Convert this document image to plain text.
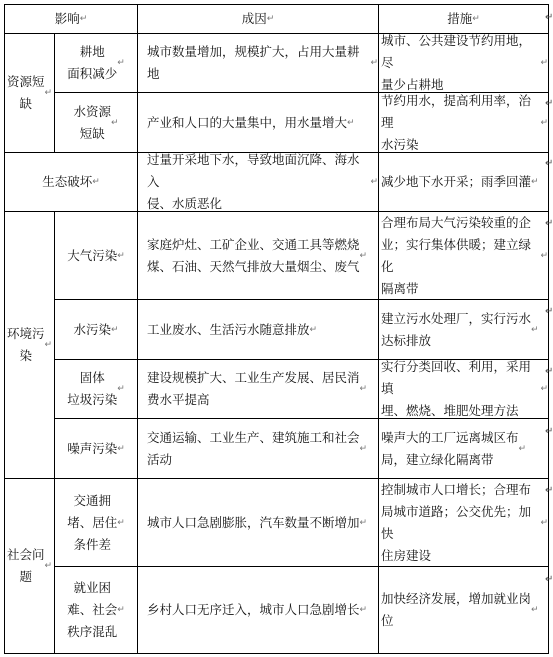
影响 ↵	成因 ↵	措施 ↵
资源短
缺
↵
生态破坏 ↵
环境污
染
↵
社会问
题
↵
耕地
面积减少
↵
城市数量增加，规模扩大，占用大量耕地
↵
城市、公共建设节约用地，尽
量少占耕地
↵
水资源
短缺
↵ 产业和人口的大量集中，用水量增大 ↵
节约用水，提高利用率，治理
水污染
↵
过量开采地下水，导致地面沉降、海水入
侵、水质恶化
↵ 减少地下水开采；雨季回灌 ↵
大气污染 ↵
家庭炉灶、工矿企业、交通工具等燃烧
煤、石油、天然气排放大量烟尘、废气
↵
合理布局大气污染较重的企
业；实行集体供暖；建立绿化
隔离带
↵
水污染 ↵ 工业废水、生活污水随意排放 ↵
建立污水处理厂，实行污水
达标排放
↵
固体
垃圾污染
↵
建设规模扩大、工业生产发展、居民消
费水平提高
↵
实行分类回收、利用，采用填
埋、燃烧、堆肥处理方法
↵
噪声污染 ↵
交通运输、工业生产、建筑施工和社会
活动
↵
噪声大的工厂远离城区布
局，建立绿化隔离带
↵
交通拥
堵、居住
条件差
↵ 城市人口急剧膨胀，汽车数量不断增加 ↵
控制城市人口增长；合理布
局城市道路；公交优先；加快
住房建设
↵
就业困
难、社会
秩序混乱
↵ 乡村人口无序迁入，城市人口急剧增长 ↵
加快经济发展，增加就业岗
位
↵
↵
↵
↵
↵
↵
↵
↵
↵
↵
